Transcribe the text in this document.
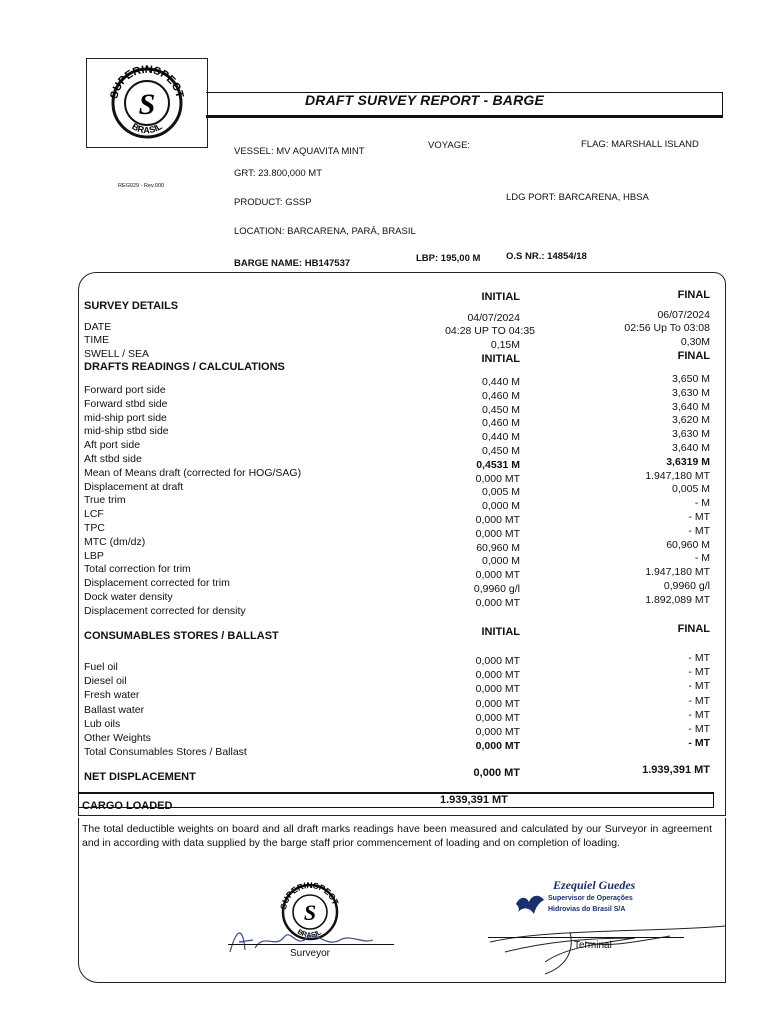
SUPERINSPECT
BRASIL
S	DRAFT SURVEY REPORT - BARGE
REG029 - Rev.000
VESSEL: MV AQUAVITA MINT
VOYAGE:	FLAG: MARSHALL ISLAND
GRT: 23.800,000 MT
PRODUCT: GSSP	LDG PORT: BARCARENA, HBSA
LOCATION: BARCARENA, PARÁ, BRASIL
BARGE NAME: HB147537	LBP: 195,00 M	O.S NR.: 14854/18
SURVEY DETAILS
INITIAL	FINAL
DATE
04/07/2024	06/07/2024
TIME
04:28 UP TO 04:35	02:56 Up To 03:08
SWELL / SEA
0,15M	0,30M
DRAFTS READINGS / CALCULATIONS
INITIAL	FINAL
Forward port side
0,440 M	3,650 M
Forward stbd side
0,460 M	3,630 M
mid-ship port side
0,450 M	3,640 M
mid-ship stbd side
0,460 M	3,620 M
Aft port side
0,440 M	3,630 M
Aft stbd side
0,450 M	3,640 M
Mean of Means draft (corrected for HOG/SAG)
0,4531 M	3,6319 M
Displacement at draft
0,000 MT	1.947,180 MT
True trim
0,005 M	0,005 M
LCF
0,000 M	- M
TPC
0,000 MT	- MT
MTC (dm/dz)
0,000 MT	- MT
LBP
60,960 M	60,960 M
Total correction for trim
0,000 M	- M
Displacement corrected for trim
0,000 MT	1.947,180 MT
Dock water density
0,9960 g/l	0,9960 g/l
Displacement corrected for density
0,000 MT	1.892,089 MT
CONSUMABLES STORES / BALLAST	INITIAL	FINAL
Fuel oil	0,000 MT	- MT
Diesel oil	0,000 MT	- MT
Fresh water	0,000 MT	- MT
Ballast water	0,000 MT	- MT
Lub oils	0,000 MT	- MT
Other Weights	0,000 MT	- MT
Total Consumables Stores / Ballast	0,000 MT	- MT
NET DISPLACEMENT	0,000 MT	1.939,391 MT
CARGO LOADED	1.939,391 MT
The total deductible weights on board and all draft marks readings have been measured and calculated by our Surveyor in agreement and in according with data supplied by the barge staff prior commencement of loading and on completion of loading.
SUPERINSPECT
BRASIL
S
Surveyor
Ezequiel Guedes
Supervisor de Operações
Hidrovias do Brasil S/A
Terminal
